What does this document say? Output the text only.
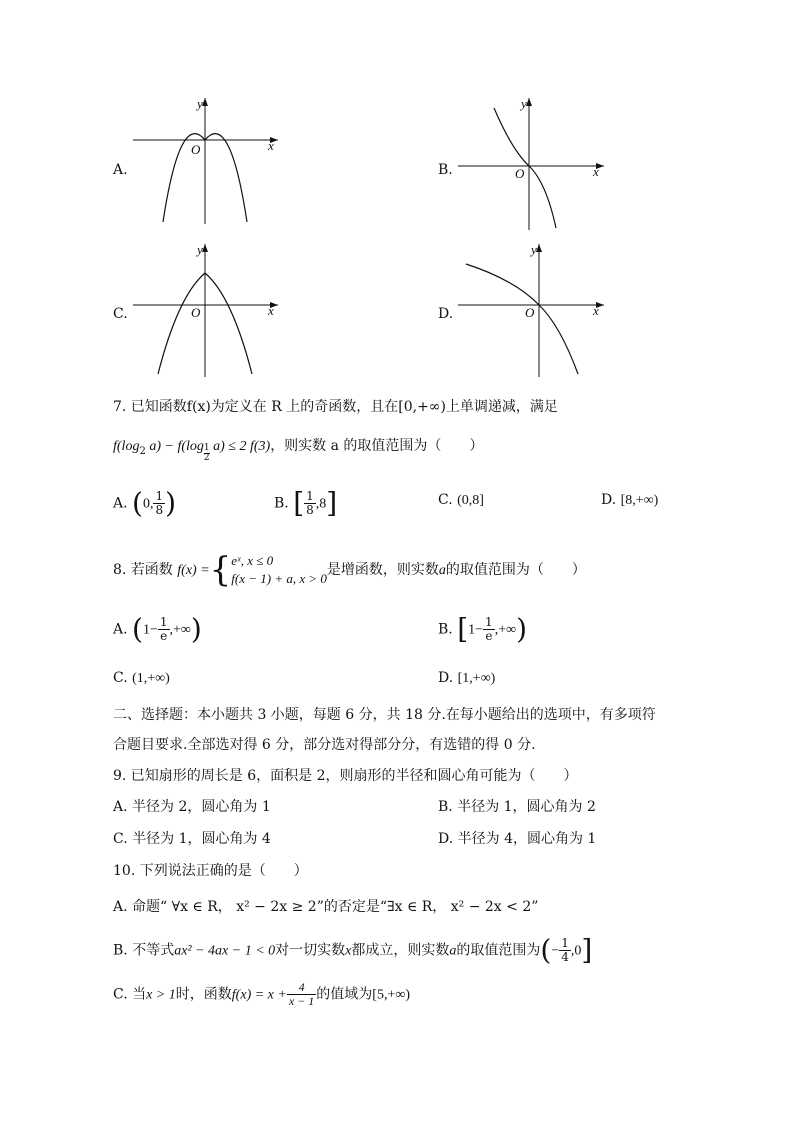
A.
y
x
O
B.
y
x
O
C.
y
x
O	D.
y
x
O
7. 已知函数f(x)为定义在 R 上的奇函数，且在[0,+∞)上单调递减，满足
$f(\log_2$ $a) - f(\log \frac{1}{2} a) \le 2$ f(3)，则实数 a 的取值范围为（　　）
A. (0, $\frac{1}{8}$ )	B. [ $\frac{1}{8} ,8$]	C. (0,8]	D. [8,+∞)
8. 若函数 f(x) ={ eˣ, x ≤ 0
f(x − 1) + a, x > 0
是增函数，则实数a的取值范围为（　　）
A. ($1- \frac{1}{e}$ ,+∞)	B. [$1- \frac{1}{e}$ ,+∞)
C. (1,+∞)	D. [1,+∞)
二、选择题：本小题共 3 小题，每题 6 分，共 18 分.在每小题给出的选项中，有多项符
合题目要求.全部选对得 6 分，部分选对得部分分，有选错的得 0 分.
9. 已知扇形的周长是 6，面积是 2，则扇形的半径和圆心角可能为（　　）
A. 半径为 2，圆心角为 1	B. 半径为 1，圆心角为 2
C. 半径为 1，圆心角为 4	D. 半径为 4，圆心角为 1
10. 下列说法正确的是（　　）
A. 命题“ ∀x ∈ R， x² − 2x ≥ 2”的否定是“∃x ∈ R， x² − 2x < 2”
B. 不等式ax² − 4ax − 1 < 0对一切实数x都成立，则实数a的取值范围为(− $\frac{1}{4} ,0$]
C. 当x > 1时，函数$f(x) = x + \frac{4}{x - 1}$ 的值域为[5,+∞)
